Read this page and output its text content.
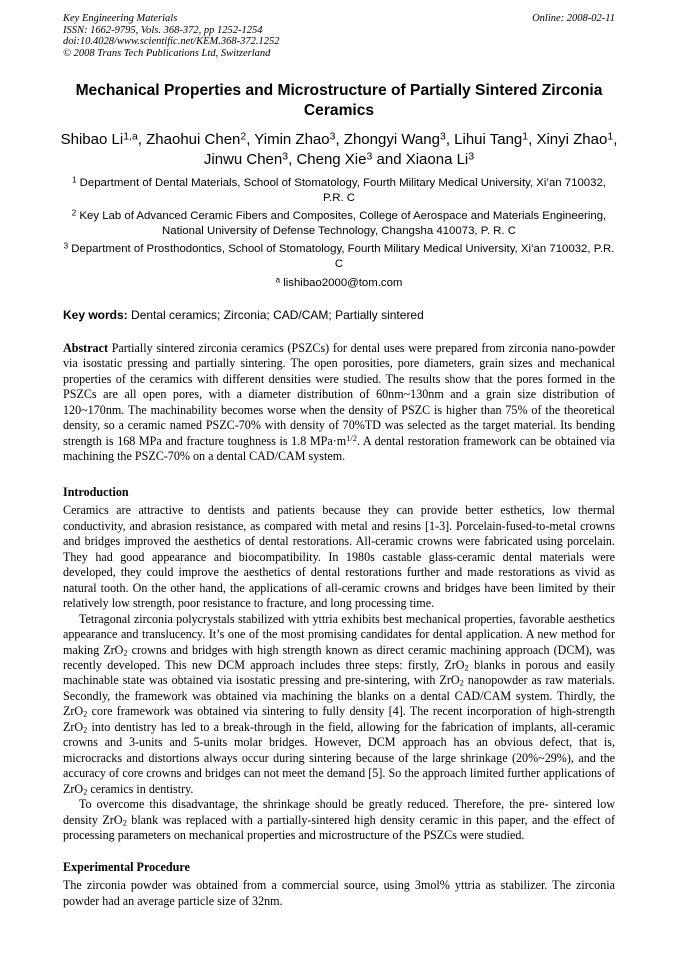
Key Engineering Materials	Online: 2008-02-11
ISSN: 1662-9795, Vols. 368-372, pp 1252-1254
doi:10.4028/www.scientific.net/KEM.368-372.1252
© 2008 Trans Tech Publications Ltd, Switzerland
Mechanical Properties and Microstructure of Partially Sintered Zirconia Ceramics
Shibao Li$^{1,a}$, Zhaohui Chen$^2$, Yimin Zhao$^3$, Zhongyi Wang$^3$, Lihui Tang$^1$, Xinyi Zhao$^1$, Jinwu Chen$^3$, Cheng Xie$^3$ and Xiaona Li$^3$
$^1$ Department of Dental Materials, School of Stomatology, Fourth Military Medical University, Xi’an 710032, P.R. C
$^2$ Key Lab of Advanced Ceramic Fibers and Composites, College of Aerospace and Materials Engineering, National University of Defense Technology, Changsha 410073, P. R. C
$^3$ Department of Prosthodontics, School of Stomatology, Fourth Military Medical University, Xi’an 710032, P.R. C
$^a$ lishibao2000@tom.com
Key words: Dental ceramics; Zirconia; CAD/CAM; Partially sintered

Abstract Partially sintered zirconia ceramics (PSZCs) for dental uses were prepared from zirconia nano-powder via isostatic pressing and partially sintering. The open porosities, pore diameters, grain sizes and mechanical properties of the ceramics with different densities were studied. The results show that the pores formed in the PSZCs are all open pores, with a diameter distribution of 60nm~130nm and a grain size distribution of 120~170nm. The machinability becomes worse when the density of PSZC is higher than 75% of the theoretical density, so a ceramic named PSZC-70% with density of 70%TD was selected as the target material. Its bending strength is 168 MPa and fracture toughness is 1.8 $MPa\cdot m^{1/2}$. A dental restoration framework can be obtained via machining the PSZC-70% on a dental CAD/CAM system.

Introduction

Ceramics are attractive to dentists and patients because they can provide better esthetics, low thermal conductivity, and abrasion resistance, as compared with metal and resins [1-3]. Porcelain-fused-to-metal crowns and bridges improved the aesthetics of dental restorations. All-ceramic crowns were fabricated using porcelain. They had good appearance and biocompatibility. In 1980s castable glass-ceramic dental materials were developed, they could improve the aesthetics of dental restorations further and made restorations as vivid as natural tooth. On the other hand, the applications of all-ceramic crowns and bridges have been limited by their relatively low strength, poor resistance to fracture, and long processing time.

Tetragonal zirconia polycrystals stabilized with yttria exhibits best mechanical properties, favorable aesthetics appearance and translucency. It’s one of the most promising candidates for dental application. A new method for making ZrO$_2$ crowns and bridges with high strength known as direct ceramic machining approach (DCM), was recently developed. This new DCM approach includes three steps: firstly, ZrO$_2$ blanks in porous and easily machinable state was obtained via isostatic pressing and pre-sintering, with ZrO$_2$ nanopowder as raw materials. Secondly, the framework was obtained via machining the blanks on a dental CAD/CAM system. Thirdly, the ZrO$_2$ core framework was obtained via sintering to fully density [4]. The recent incorporation of high-strength ZrO$_2$ into dentistry has led to a break-through in the field, allowing for the fabrication of implants, all-ceramic crowns and 3-units and 5-units molar bridges. However, DCM approach has an obvious defect, that is, microcracks and distortions always occur during sintering because of the large shrinkage (20%~29%), and the accuracy of core crowns and bridges can not meet the demand [5]. So the approach limited further applications of ZrO$_2$ ceramics in dentistry.

To overcome this disadvantage, the shrinkage should be greatly reduced. Therefore, the pre- sintered low density ZrO$_2$ blank was replaced with a partially-sintered high density ceramic in this paper, and the effect of processing parameters on mechanical properties and microstructure of the PSZCs were studied.

Experimental Procedure

The zirconia powder was obtained from a commercial source, using 3mol% yttria as stabilizer. The zirconia powder had an average particle size of 32nm.
